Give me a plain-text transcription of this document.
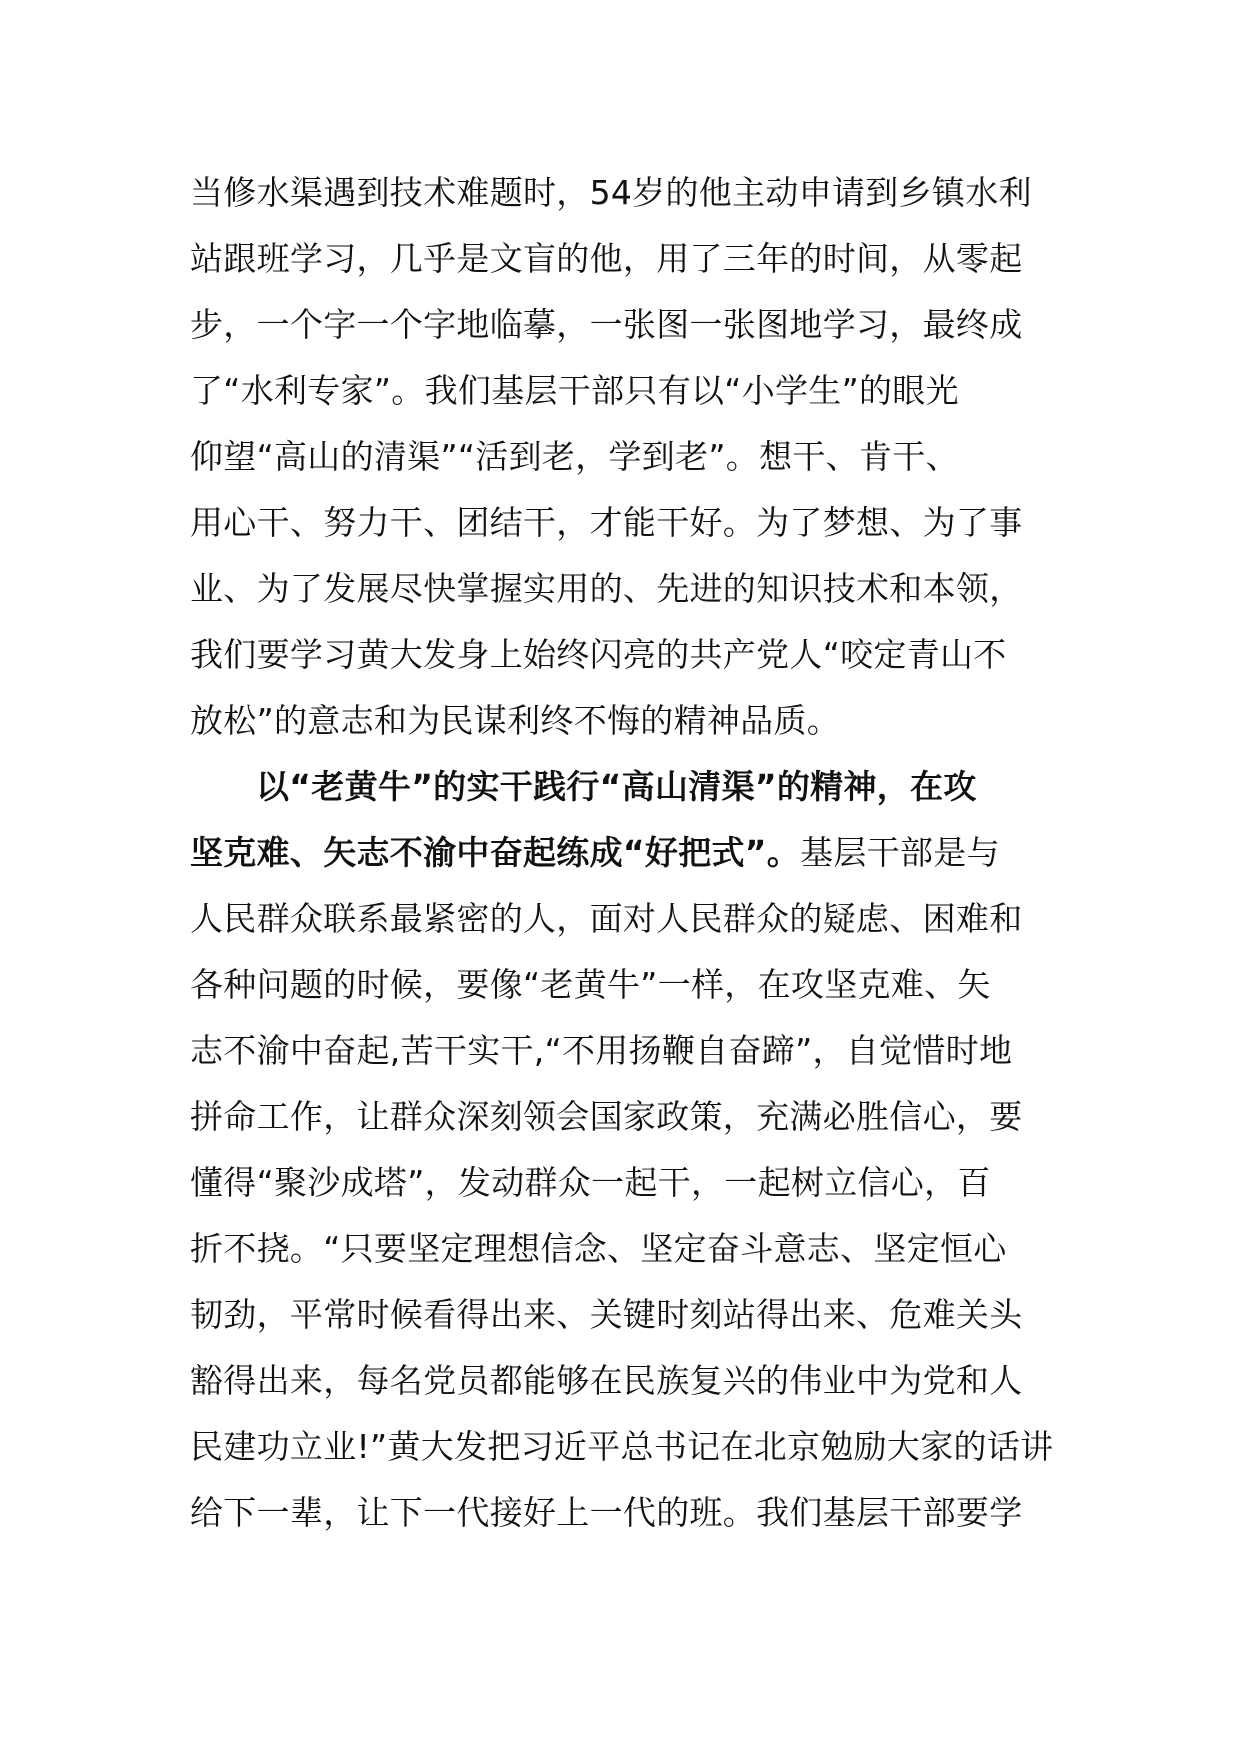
当修水渠遇到技术难题时，54岁的他主动申请到乡镇水利
站跟班学习，几乎是文盲的他，用了三年的时间，从零起
步，一个字一个字地临摹，一张图一张图地学习，最终成
了“水利专家”。我们基层干部只有以“小学生”的眼光
仰望“高山的清渠”“活到老，学到老”。想干、肯干、
用心干、努力干、团结干，才能干好。为了梦想、为了事
业、为了发展尽快掌握实用的、先进的知识技术和本领，
我们要学习黄大发身上始终闪亮的共产党人“咬定青山不
放松”的意志和为民谋利终不悔的精神品质。
以“老黄牛”的实干践行“高山清渠”的精神，在攻
坚克难、矢志不渝中奋起练成“好把式”。基层干部是与
人民群众联系最紧密的人，面对人民群众的疑虑、困难和
各种问题的时候，要像“老黄牛”一样，在攻坚克难、矢
志不渝中奋起,苦干实干,“不用扬鞭自奋蹄”，自觉惜时地
拼命工作，让群众深刻领会国家政策，充满必胜信心，要
懂得“聚沙成塔”，发动群众一起干，一起树立信心，百
折不挠。“只要坚定理想信念、坚定奋斗意志、坚定恒心
韧劲，平常时候看得出来、关键时刻站得出来、危难关头
豁得出来，每名党员都能够在民族复兴的伟业中为党和人
民建功立业!”黄大发把习近平总书记在北京勉励大家的话讲
给下一辈，让下一代接好上一代的班。我们基层干部要学
